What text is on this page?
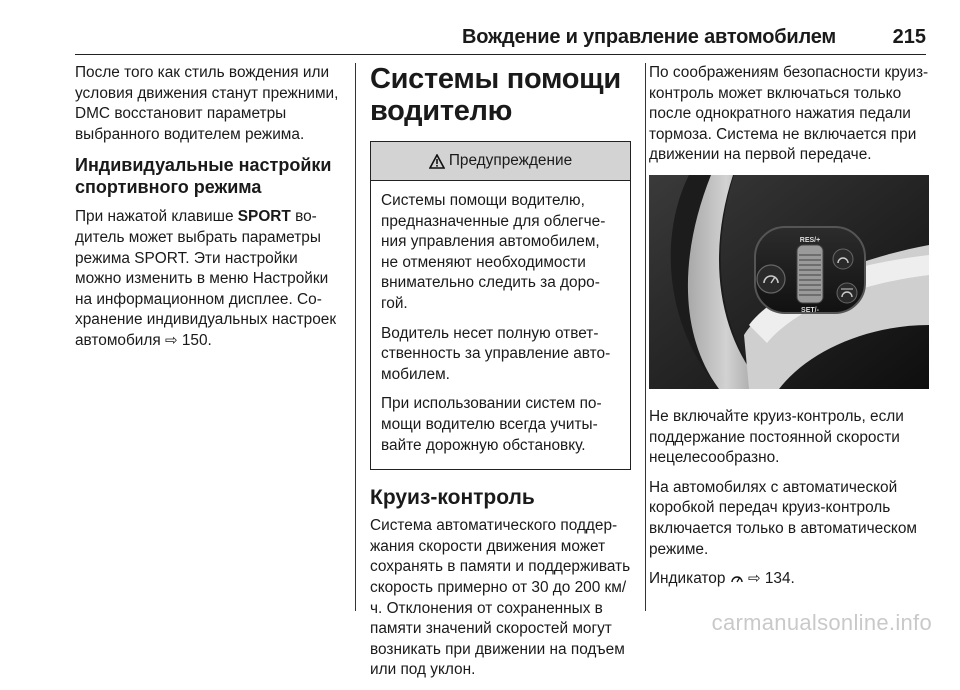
Вождение и управление автомобилем	215

После того как стиль вождения или условия движения станут прежними, DMC восстановит параметры выбранного водителем режима.

Индивидуальные настройки спортивного режима

При нажатой клавише SPORT водитель может выбрать параметры режима SPORT. Эти настройки можно изменить в меню Настройки на информационном дисплее. Сохранение индивидуальных настроек автомобиля ⇨ 150.

Системы помощи водителю
Предупреждение

Системы помощи водителю, предназначенные для облегчения управления автомобилем, не отменяют необходимости внимательно следить за дорогой.

Водитель несет полную ответственность за управление автомобилем.

При использовании систем помощи водителю всегда учитывайте дорожную обстановку.

Круиз-контроль

Система автоматического поддержания скорости движения может сохранять в памяти и поддерживать скорость примерно от 30 до 200 км/ч. Отклонения от сохраненных в памяти значений скоростей могут возникать при движении на подъем или под уклон.

По соображениям безопасности круиз-контроль может включаться только после однократного нажатия педали тормоза. Система не включается при движении на первой передаче.

RES/+
SET/-

Не включайте круиз-контроль, если поддержание постоянной скорости нецелесообразно.

На автомобилях с автоматической коробкой передач круиз-контроль включается только в автоматическом режиме.

Индикатор  ⇨ 134.

carmanualsonline.info
